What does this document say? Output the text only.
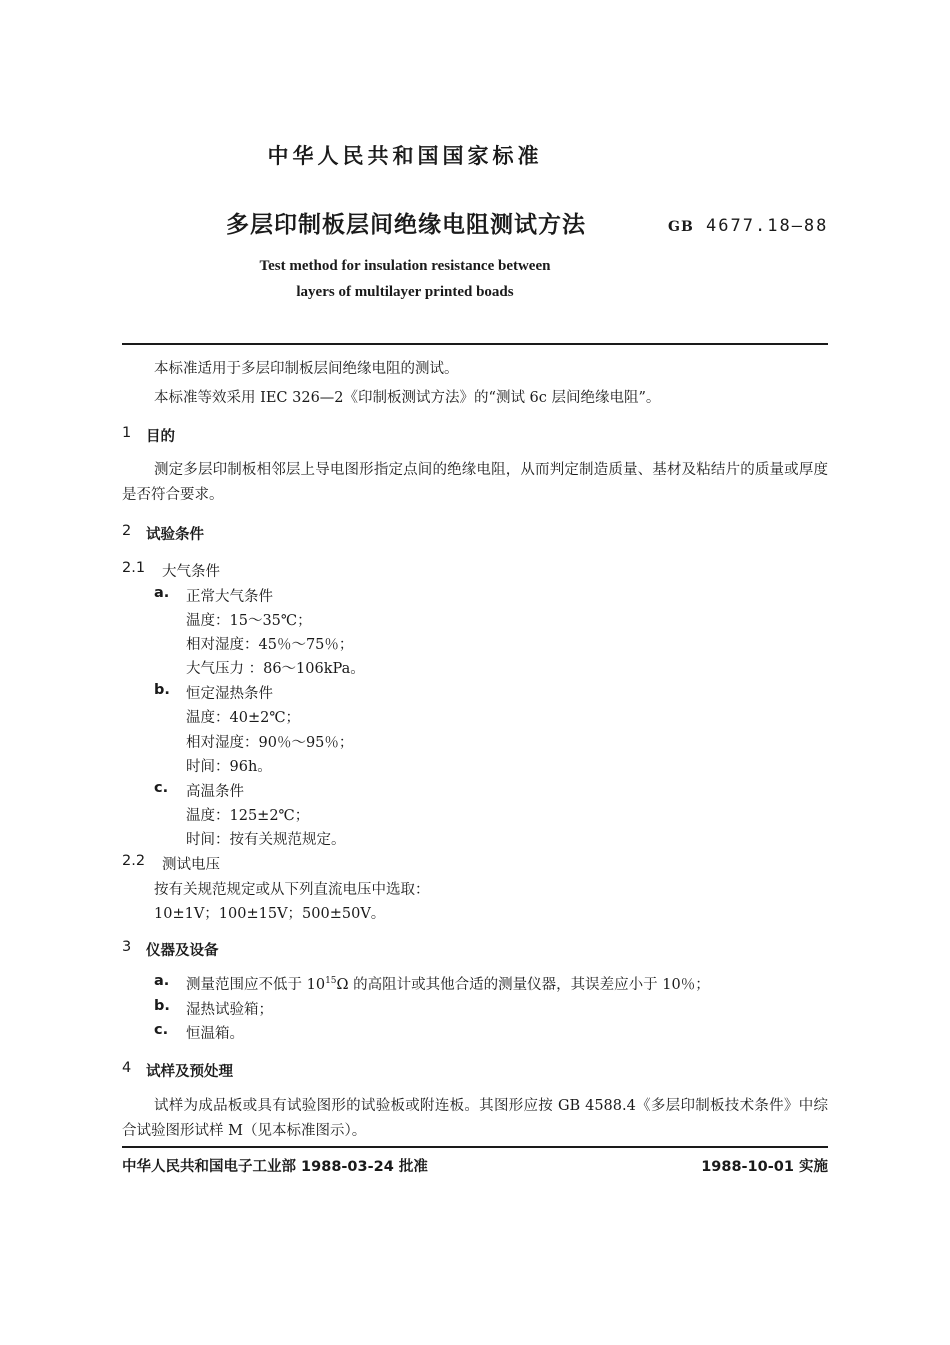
中华人民共和国国家标准
多层印制板层间绝缘电阻测试方法	GB 4677.18—88
Test method for insulation resistance between
layers of multilayer printed boads
本标准适用于多层印制板层间绝缘电阻的测试。
本标准等效采用 IEC 326—2《印制板测试方法》的“测试 6c 层间绝缘电阻”。
1 目的
测定多层印制板相邻层上导电图形指定点间的绝缘电阻，从而判定制造质量、基材及粘结片的质量或厚度是否符合要求。
2 试验条件
2.1 大气条件
a. 正常大气条件
温度：15～35℃；
相对湿度：45％～75％；
大气压力 ：86～106kPa。
b. 恒定湿热条件
温度：40±2℃；
相对湿度：90％～95％；
时间：96h。
c. 高温条件
温度：125±2℃；
时间：按有关规范规定。
2.2 测试电压
按有关规范规定或从下列直流电压中选取：
10±1V；100±15V；500±50V。
3 仪器及设备
a. 测量范围应不低于 $10^{15}\Omega$ 的高阻计或其他合适的测量仪器，其误差应小于 10％；
b. 湿热试验箱；
c. 恒温箱。
4 试样及预处理
试样为成品板或具有试验图形的试验板或附连板。其图形应按 GB 4588.4《多层印制板技术条件》中综合试验图形试样 M（见本标准图示）。
中华人民共和国电子工业部 1988-03-24 批准	1988-10-01 实施
